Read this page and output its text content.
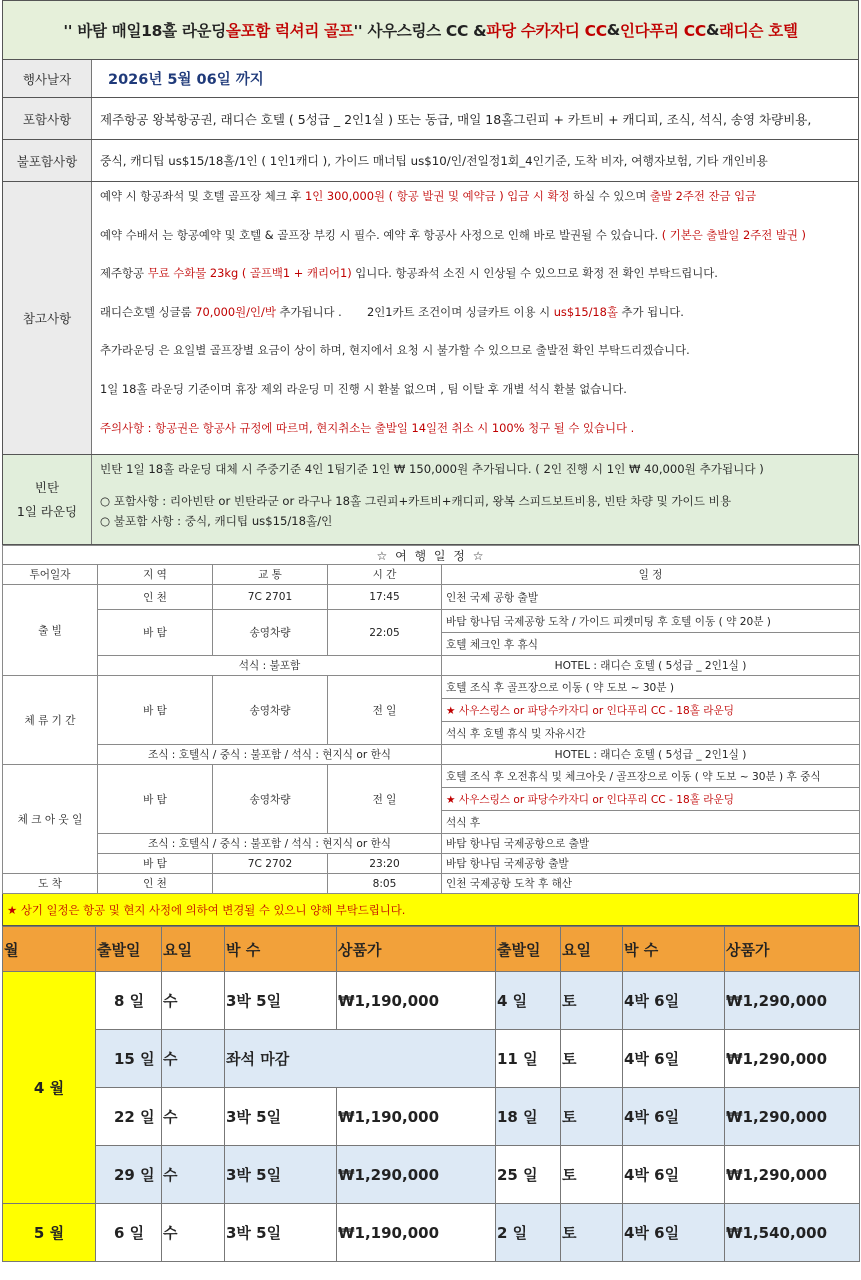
'' 바탐 매일18홀 라운딩 올포함 럭셔리 골프 '' 사우스링스 CC & 파당 수카자디 CC & 인다푸리 CC & 래디슨 호텔
행사날자	2026년 5월 06일 까지
포함사항	제주항공 왕복항공권, 래디슨 호텔 ( 5성급 _ 2인1실 ) 또는 동급, 매일 18홀그린피 + 카트비 + 캐디피, 조식, 석식, 송영 차량비용,
불포함사항	중식, 캐디팁 us$15/18홀/1인 ( 1인1캐디 ), 가이드 매너팁 us$10/인/전일정1회_4인기준, 도착 비자, 여행자보험, 기타 개인비용
참고사항
예약 시 항공좌석 및 호텔 골프장 체크 후 1인 300,000원 ( 항공 발권 및 예약금 ) 입금 시 확정 하실 수 있으며 출발 2주전 잔금 입금
예약 수배서 는 항공예약 및 호텔 & 골프장 부킹 시 필수. 예약 후 항공사 사정으로 인해 바로 발권될 수 있습니다. ( 기본은 출발일 2주전 발권 )
제주항공 무료 수화물 23kg ( 골프백1 + 캐리어1) 입니다. 항공좌석 소진 시 인상될 수 있으므로 확정 전 확인 부탁드립니다.
래디슨호텔 싱글룸 70,000원/인/박 추가됩니다 .       2인1카트 조건이며 싱글카트 이용 시 us$15/18홀 추가 됩니다.
추가라운딩 은 요일별 골프장별 요금이 상이 하며, 현지에서 요청 시 불가할 수 있으므로 출발전 확인 부탁드리겠습니다.
1일 18홀 라운딩 기준이며 휴장 제외 라운딩 미 진행 시 환불 없으며 , 팀 이탈 후 개별 석식 환불 없습니다.
주의사항 : 항공권은 항공사 규정에 따르며, 현지취소는 출발일 14일전 취소 시 100% 청구 될 수 있습니다 .
빈탄
1일 라운딩
빈탄 1일 18홀 라운딩 대체 시 주중기준 4인 1팀기준 1인 ₩ 150,000원 추가됩니다. ( 2인 진행 시 1인 ₩ 40,000원 추가됩니다 )
○ 포함사항 : 리아빈탄 or 빈탄라군 or 라구나 18홀 그린피+카트비+캐디피, 왕복 스피드보트비용, 빈탄 차량 및 가이드 비용
○ 불포함 사항 : 중식, 캐디팁 us$15/18홀/인
☆ 여 행 일 정 ☆				
투어일자	지 역	교 통	시 간	일 정
출 빌	인 천	7C 2701	17:45	인천 국제 공항 출발
	바 탐	송영차량	22:05	바탐 항나딤 국제공항 도착 / 가이드 피켓미팅 후 호텔 이동 ( 약 20분 )
				호텔 체크인 후 휴식
	석식 : 불포함			HOTEL : 래디슨 호텔 ( 5성급 _ 2인1실 )
체 류 기 간	바 탐	송영차량	전 일	호텔 조식 후 골프장으로 이동 ( 약 도보 ~ 30분 )
				★ 사우스링스 or 파당수카자디 or 인다푸리 CC - 18홀 라운딩
				석식 후 호텔 휴식 및 자유시간
	조식 : 호텔식 / 중식 : 불포함 / 석식 : 현지식 or 한식			HOTEL : 래디슨 호텔 ( 5성급 _ 2인1실 )
체 크 아 웃 일	바 탐	송영차량	전 일	호텔 조식 후 오전휴식 및 체크아웃 / 골프장으로 이동 ( 약 도보 ~ 30분 ) 후 중식
				★ 사우스링스 or 파당수카자디 or 인다푸리 CC - 18홀 라운딩
				석식 후
	조식 : 호텔식 / 중식 : 불포함 / 석식 : 현지식 or 한식			바탐 항나딤 국제공항으로 출발
	바 탐	7C 2702	23:20	바탐 항나딤 국제공항 출발
도 착	인 천		8:05	인천 국제공항 도착 후 해산
★ 상기 일정은 항공 및 현지 사정에 의하여 변경될 수 있으니 양해 부탁드립니다.
월	출발일	요일	박 수	상품가	출발일	요일	박 수	상품가
4 월	8 일	수	3박 5일	₩1,190,000	4 일	토	4박 6일	₩1,290,000
	15 일	수	좌석 마감		11 일	토	4박 6일	₩1,290,000
	22 일	수	3박 5일	₩1,190,000	18 일	토	4박 6일	₩1,290,000
	29 일	수	3박 5일	₩1,290,000	25 일	토	4박 6일	₩1,290,000
5 월	6 일	수	3박 5일	₩1,190,000	2 일	토	4박 6일	₩1,540,000
